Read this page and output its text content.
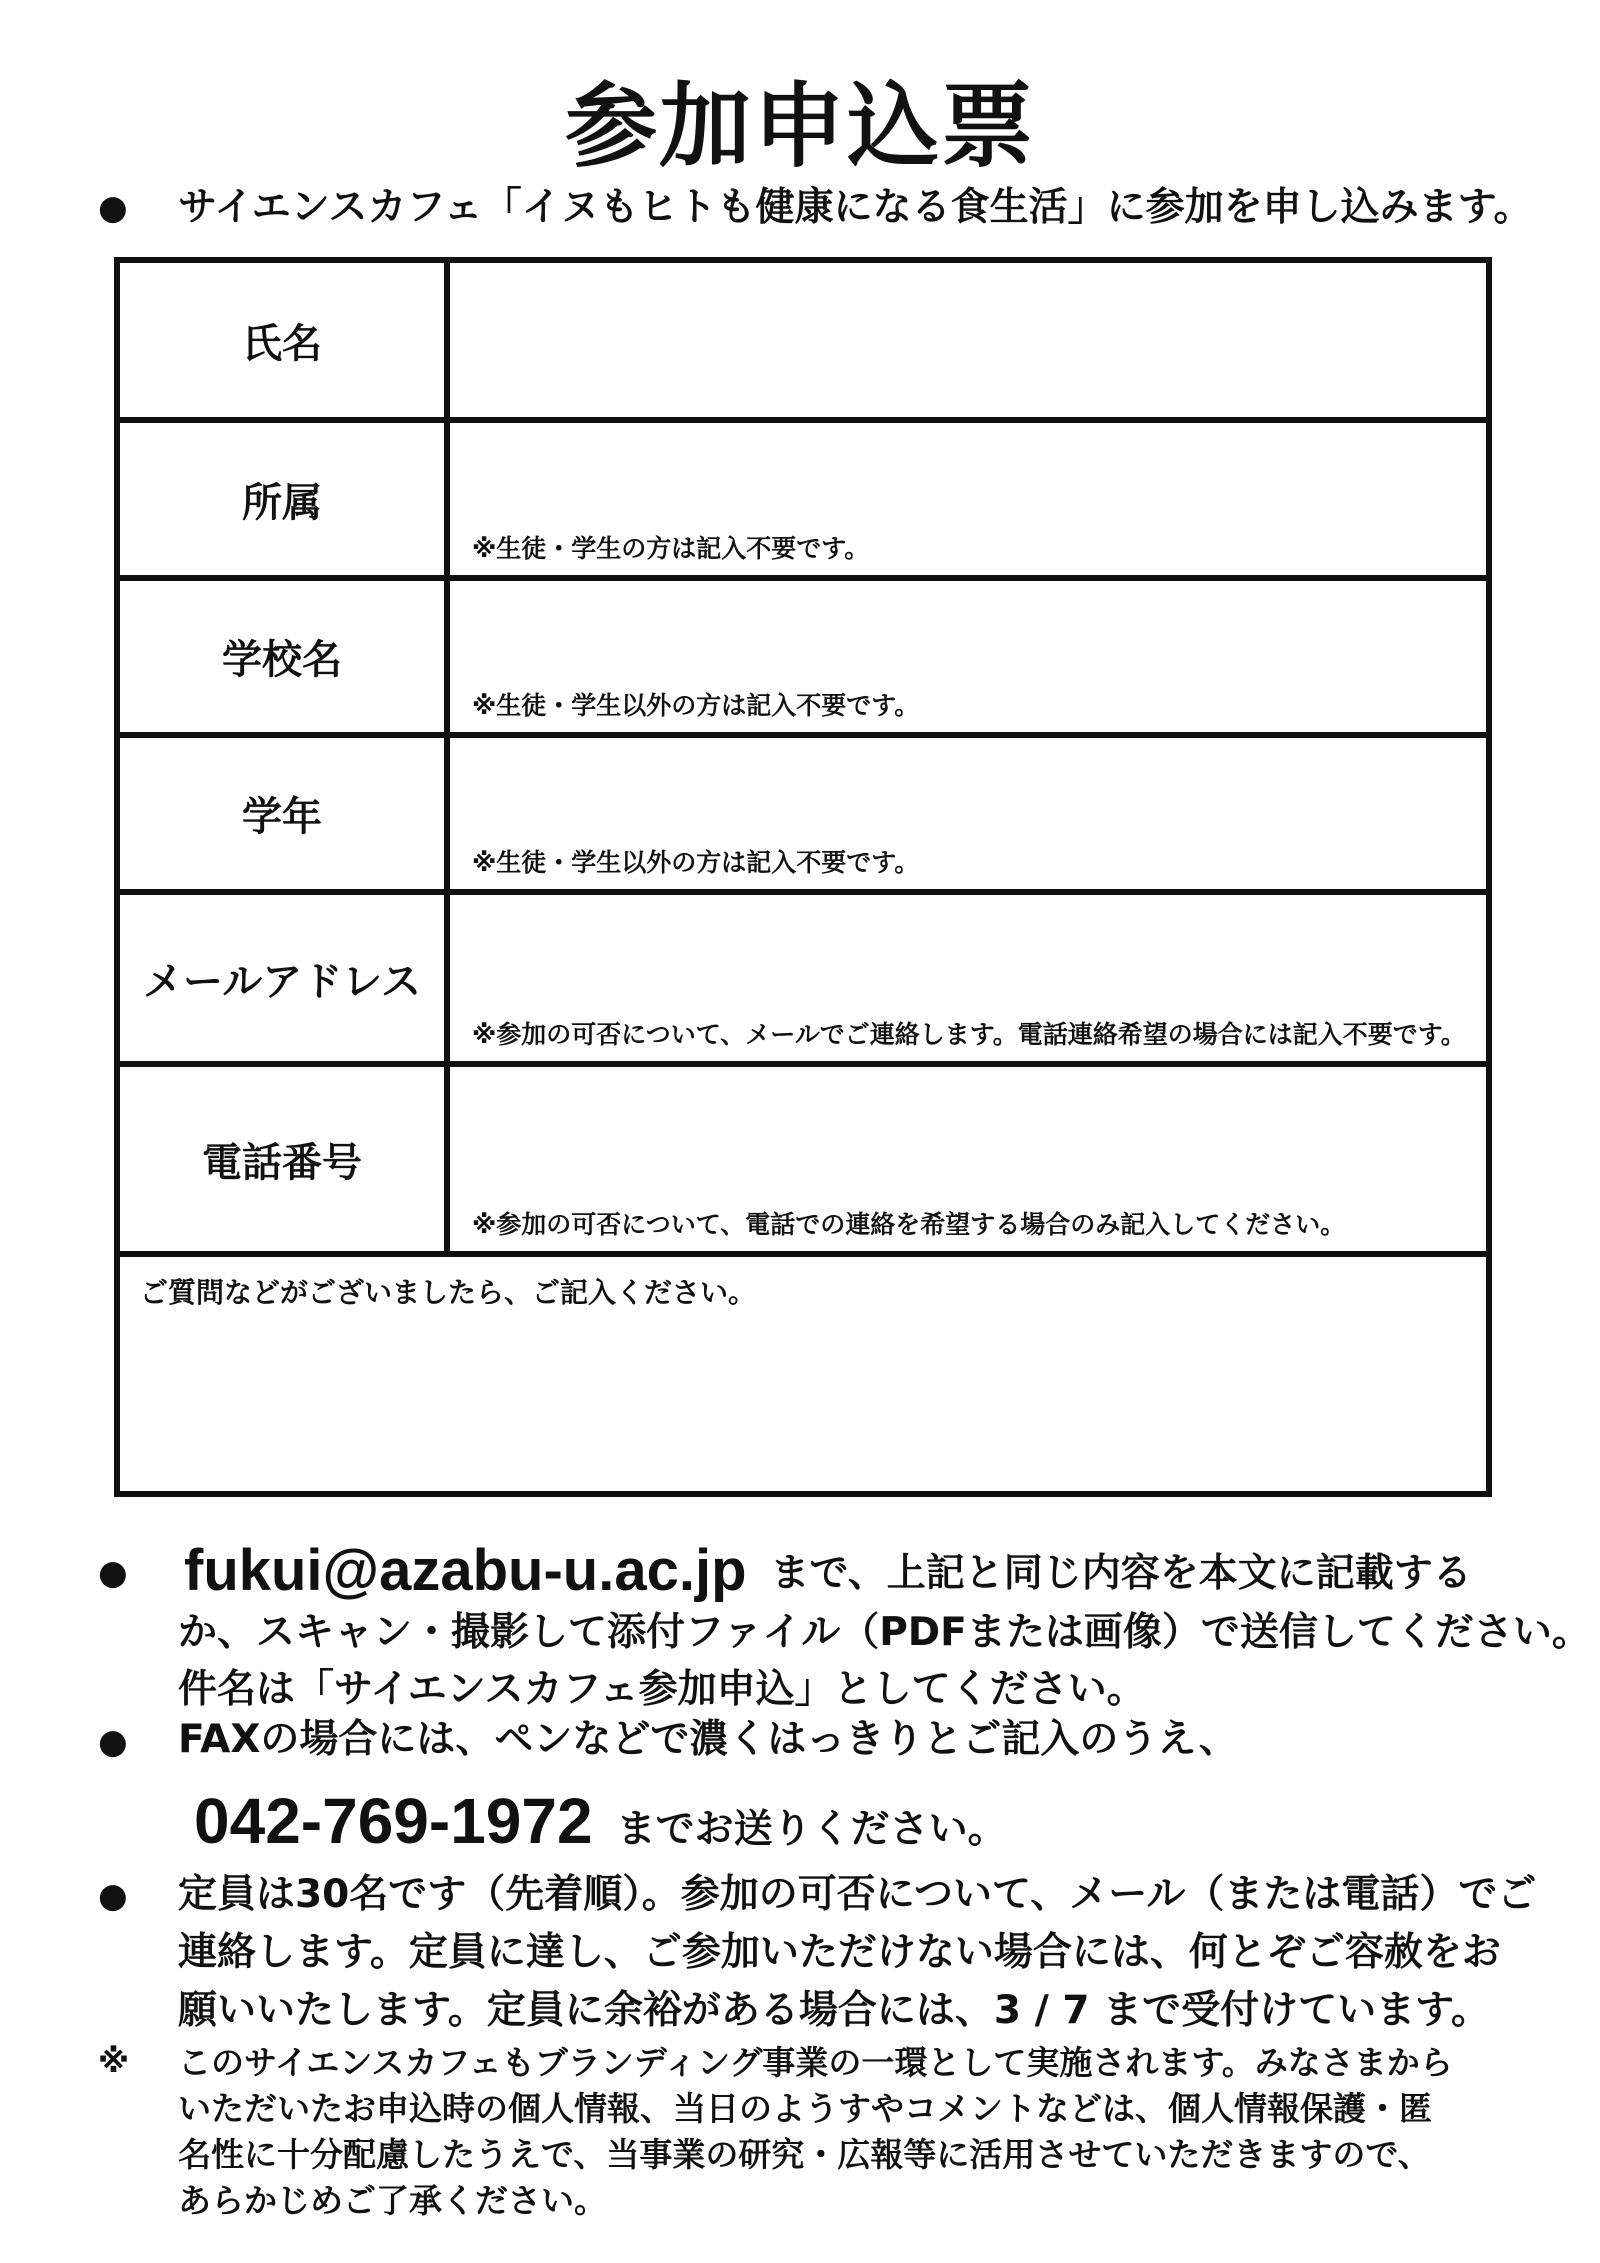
参加申込票
● サイエンスカフェ「イヌもヒトも健康になる食生活」に参加を申し込みます。
氏名
所属
※生徒・学生の方は記入不要です。
学校名
※生徒・学生以外の方は記入不要です。
学年
※生徒・学生以外の方は記入不要です。
メールアドレス
※参加の可否について、メールでご連絡します。電話連絡希望の場合には記入不要です。
電話番号
※参加の可否について、電話での連絡を希望する場合のみ記入してください。
ご質問などがございましたら、ご記入ください。
● fukui@azabu-u.ac.jp まで、上記と同じ内容を本文に記載する
か、スキャン・撮影して添付ファイル（PDFまたは画像）で送信してください。
件名は「サイエンスカフェ参加申込」としてください。
● FAXの場合には、ペンなどで濃くはっきりとご記入のうえ、
042-769-1972 までお送りください。
● 定員は30名です（先着順）。参加の可否について、メール（または電話）でご
連絡します。定員に達し、ご参加いただけない場合には、何とぞご容赦をお
願いいたします。定員に余裕がある場合には、3 / 7 まで受付けています。
※ このサイエンスカフェもブランディング事業の一環として実施されます。みなさまから
いただいたお申込時の個人情報、当日のようすやコメントなどは、個人情報保護・匿
名性に十分配慮したうえで、当事業の研究・広報等に活用させていただきますので、
あらかじめご了承ください。
